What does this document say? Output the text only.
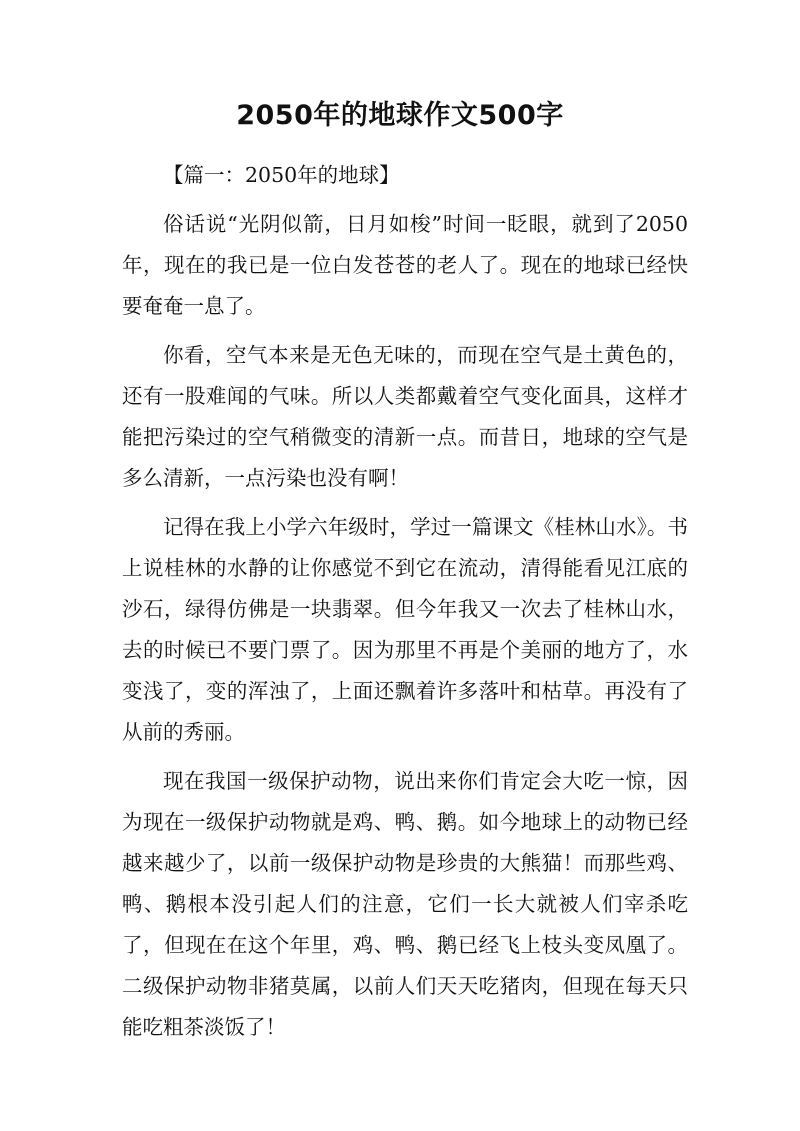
2050年的地球作文500字

【篇一：2050年的地球】

俗话说“光阴似箭，日月如梭”时间一眨眼，就到了2050年，现在的我已是一位白发苍苍的老人了。现在的地球已经快要奄奄一息了。

你看，空气本来是无色无味的，而现在空气是土黄色的，还有一股难闻的气味。所以人类都戴着空气变化面具，这样才能把污染过的空气稍微变的清新一点。而昔日，地球的空气是多么清新，一点污染也没有啊！

记得在我上小学六年级时，学过一篇课文《桂林山水》。书上说桂林的水静的让你感觉不到它在流动，清得能看见江底的沙石，绿得仿佛是一块翡翠。但今年我又一次去了桂林山水，去的时候已不要门票了。因为那里不再是个美丽的地方了，水变浅了，变的浑浊了，上面还飘着许多落叶和枯草。再没有了从前的秀丽。

现在我国一级保护动物，说出来你们肯定会大吃一惊，因为现在一级保护动物就是鸡、鸭、鹅。如今地球上的动物已经越来越少了，以前一级保护动物是珍贵的大熊猫！而那些鸡、鸭、鹅根本没引起人们的注意，它们一长大就被人们宰杀吃了，但现在在这个年里，鸡、鸭、鹅已经飞上枝头变凤凰了。二级保护动物非猪莫属，以前人们天天吃猪肉，但现在每天只能吃粗茶淡饭了！
